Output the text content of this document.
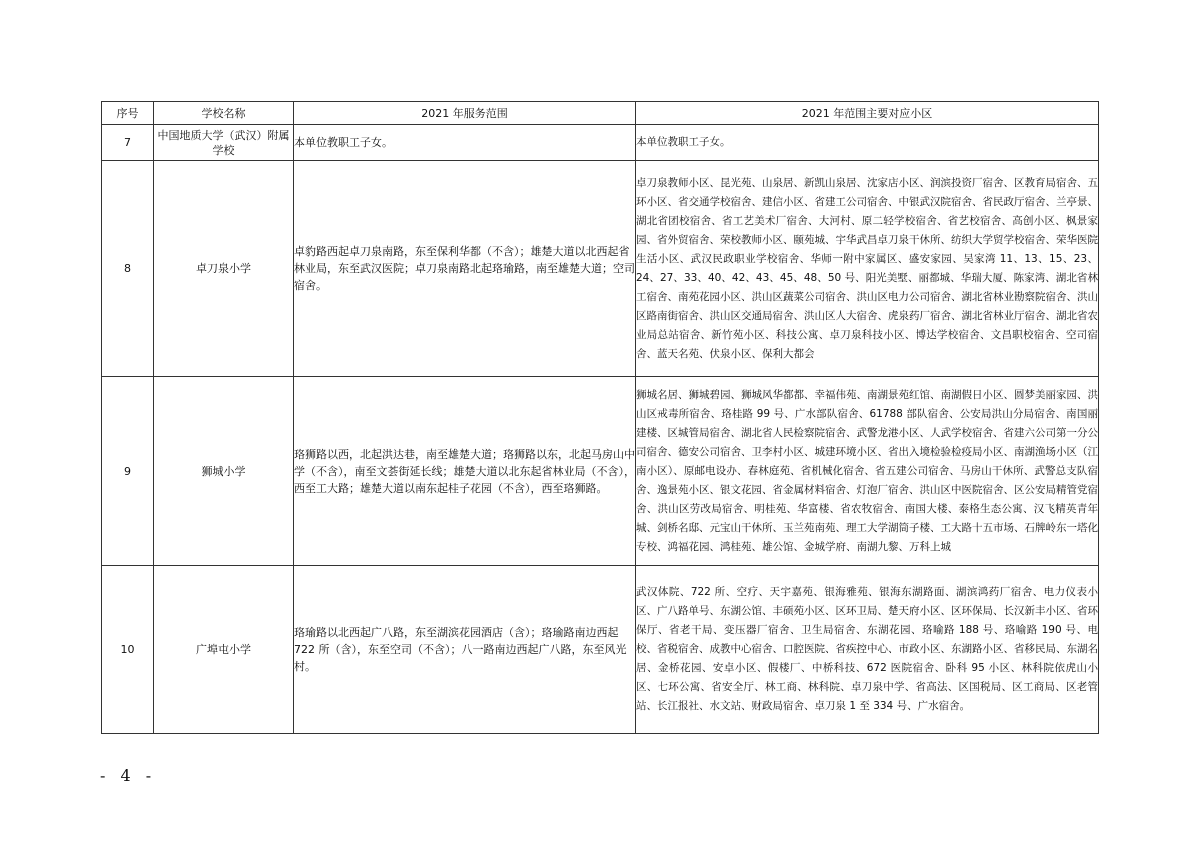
序号	学校名称	2021 年服务范围	2021 年范围主要对应小区
7	中国地质大学（武汉）附属学校	本单位教职工子女。	本单位教职工子女。
8	卓刀泉小学	卓豹路西起卓刀泉南路，东至保利华都（不含）；雄楚大道以北西起省林业局，东至武汉医院；卓刀泉南路北起珞瑜路，南至雄楚大道；空司宿舍。	卓刀泉教师小区、昆光苑、山泉居、新凯山泉居、沈家店小区、润滨投资厂宿舍、区教育局宿舍、五环小区、省交通学校宿舍、建信小区、省建工公司宿舍、中银武汉院宿舍、省民政厅宿舍、兰亭景、湖北省团校宿舍、省工艺美术厂宿舍、大河村、原二轻学校宿舍、省艺校宿舍、高创小区、枫景家园、省外贸宿舍、荣校教师小区、颐苑城、宇华武昌卓刀泉干休所、纺织大学贸学校宿舍、荣华医院生活小区、武汉民政职业学校宿舍、华师一附中家属区、盛安家园、吴家湾 11、13、15、23、24、27、33、40、42、43、45、48、50 号、阳光美墅、丽都城、华瑞大厦、陈家湾、湖北省林工宿舍、南苑花园小区、洪山区蔬菜公司宿舍、洪山区电力公司宿舍、湖北省林业勘察院宿舍、洪山区路南街宿舍、洪山区交通局宿舍、洪山区人大宿舍、虎泉药厂宿舍、湖北省林业厅宿舍、湖北省农业局总站宿舍、新竹苑小区、科技公寓、卓刀泉科技小区、博达学校宿舍、文昌职校宿舍、空司宿舍、蓝天名苑、伏泉小区、保利大都会
9	狮城小学	珞狮路以西，北起洪达巷，南至雄楚大道；珞狮路以东，北起马房山中学（不含），南至文荟街延长线；雄楚大道以北东起省林业局（不含），西至工大路；雄楚大道以南东起桂子花园（不含），西至珞狮路。	狮城名居、狮城碧园、狮城风华都都、幸福伟苑、南湖景苑红馆、南湖假日小区、圆梦美丽家园、洪山区戒毒所宿舍、珞桂路 99 号、广水部队宿舍、61788 部队宿舍、公安局洪山分局宿舍、南国丽建楼、区城管局宿舍、湖北省人民检察院宿舍、武警龙港小区、人武学校宿舍、省建六公司第一分公司宿舍、德安公司宿舍、卫李村小区、城建环境小区、省出入境检验检疫局小区、南湖渔场小区（江南小区）、原邮电设办、春林庭苑、省机械化宿舍、省五建公司宿舍、马房山干休所、武警总支队宿舍、逸景苑小区、银文花园、省金属材料宿舍、灯泡厂宿舍、洪山区中医院宿舍、区公安局精管党宿舍、洪山区劳改局宿舍、明桂苑、华富楼、省农牧宿舍、南国大楼、泰格生态公寓、汉飞精英青年城、剑桥名邸、元宝山干休所、玉兰苑南苑、理工大学湖筒子楼、工大路十五市场、石牌岭东一塔化专校、鸿福花园、鸿桂苑、雄公馆、金城学府、南湖九黎、万科上城
10	广埠屯小学	珞瑜路以北西起广八路，东至湖滨花园酒店（含）；珞瑜路南边西起 722 所（含），东至空司（不含）；八一路南边西起广八路，东至风光村。	武汉体院、722 所、空疗、天宇嘉苑、银海雅苑、银海东湖路面、湖滨鸿药厂宿舍、电力仪表小区、广八路单号、东湖公馆、丰硕苑小区、区环卫局、楚天府小区、区环保局、长汉新丰小区、省环保厅、省老干局、变压器厂宿舍、卫生局宿舍、东湖花园、珞喻路 188 号、珞喻路 190 号、电校、省税宿舍、成教中心宿舍、口腔医院、省疾控中心、市政小区、东湖路小区、省移民局、东湖名居、金桥花园、安卓小区、假楼厂、中桥科技、672 医院宿舍、卧科 95 小区、林科院依虎山小区、七环公寓、省安全厅、林工商、林科院、卓刀泉中学、省高法、区国税局、区工商局、区老管站、长江报社、水文站、财政局宿舍、卓刀泉 1 至 334 号、广水宿舍。
- 4 -
